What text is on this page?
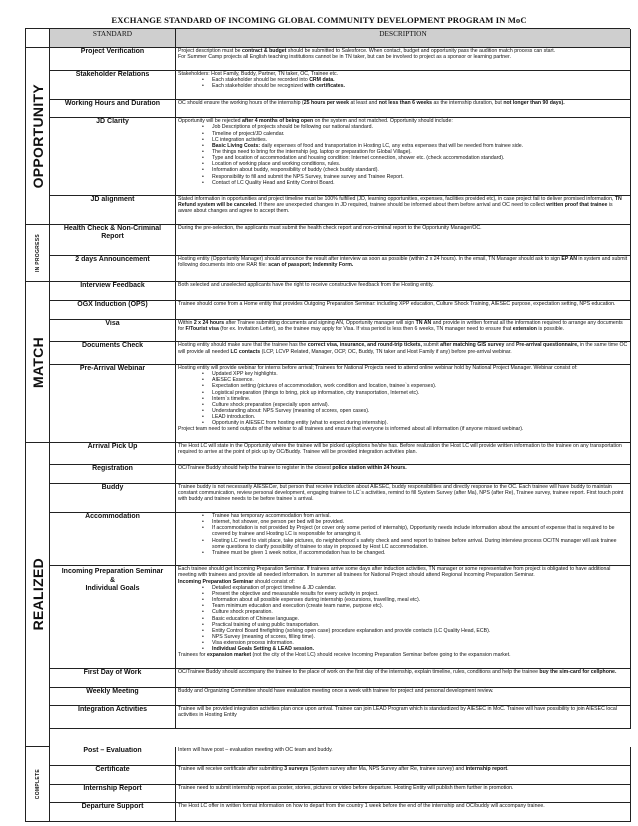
EXCHANGE STANDARD OF INCOMING GLOBAL COMMUNITY DEVELOPMENT PROGRAM IN MoC
STANDARD	DESCRIPTION
OPPORTUNITY
IN PROGRESS
MATCH
REALIZED
COMPLETE
Project Verification	Project description must be contract & budget should be submitted to Salesforce. When contact, budget and opportunity pass the audition match process can start.

For Summer Camp projects all English teaching institutions cannot be in TN taker, but can be involved to project as a sponsor or learning partner.

Stakeholder Relations	Stakeholders: Host Family, Buddy, Partner, TN taker, OC, Trainee etc.

• Each stakeholder should be recorded into CRM data.
• Each stakeholder should be recognized with certificates.
Working Hours and Duration	OC should ensure the working hours of the internship (25 hours per week at least and not less than 6 weeks as the internship duration, but not longer than 90 days).

JD Clarity	Opportunity will be rejected after 4 months of being open on the system and not matched. Opportunity should include:

• Job Descriptions of projects should be following our national standard.
• Timeline of project/JD calendar.
• LC integration activities.
• Basic Living Costs: daily expenses of food and transportation in Hosting LC, any extra expenses that will be needed from trainee side.
• The things need to bring for the internship (eg. laptop or preparation for Global Village).
• Type and location of accommodation and housing condition: Internet connection, shower etc. (check accommodation standard).
• Location of working place and working conditions, rules.
• Information about buddy, responsibility of buddy (check buddy standard).
• Responsibility to fill and submit the NPS Survey, trainee survey and Trainee Report.
• Contact of LC Quality Head and Entity Control Board.
JD alignment	Stated information in opportunities and project timeline must be 100% fulfilled (JD, learning opportunities, expenses, facilities provided etc), in case project fail to deliver promised information, TN Refund system will be canceled. If there are unexpected changes in JD required, trainee should be informed about them before arrival and OC need to collect written proof that trainee is aware about changes and agree to accept them.

Health Check & Non-Criminal Report

During the pre-selection, the applicants must submit the health check report and non-criminal report to the Opportunity Manager/OC.

2 days Announcement	Hosting entity (Opportunity Manager) should announce the result after interview as soon as possible (within 2 x 24 hours). In the email, TN Manager should ask to sign EP AN in system and submit following documents into one RAR file: scan of passport; Indemnity Form.

Interview Feedback	Both selected and unselected applicants have the right to receive constructive feedback from the Hosting entity.

OGX Induction (OPS)	Trainee should come from a Home entity that provides Outgoing Preparation Seminar: including XPP education, Culture Shock Training, AIESEC purpose, expectation setting, NPS education.

Visa	Within 2 x 24 hours after Trainee submitting documents and signing AN, Opportunity manager will sign TN AN and provide in written format all the information required to arrange any documents for F/Tourist visa (for ex. Invitation Letter), so the trainee may apply for Visa. If visa period is less then 6 weeks, TN manager need to ensure that extension is possible.

Documents Check	Hosting entity should make sure that the trainee has the correct visa, insurance, and round-trip tickets, submit after matching GIS survey and Pre-arrival questionnaire, in the same time OC will provide all needed LC contacts (LCP, LCVP Related, Manager, OCP, OC, Buddy, TN taker and Host Family if any) before pre-arrival webinar.

Pre-Arrival Webinar	Hosting entity will provide webinar for interns before arrival; Trainees for National Projects need to attend online webinar hold by National Project Manager. Webinar consist of:

• Updated XPP key highlights.
• AIESEC Essence.
• Expectation setting (pictures of accommodation, work condition and location, trainee`s expenses).
• Logistical preparation (things to bring, pick up information, city transportation, Internet etc).
• Intern`s timeline.
• Culture shock preparation (especially upon arrival).
• Understanding about: NPS Survey (meaning of scores, open cases).
• LEAD introduction.
• Opportunity in AIESEC from hosting entity (what to expect during internship).

Project team need to send outputs of the webinar to all trainees and ensure that everyone is informed about all information (if anyone missed webinar).

Arrival Pick Up	The Host LC will state in the Opportunity where the trainee will be picked up/options he/she has. Before realization the Host LC will provide written information to the trainee on any transportation required to arrive at the point of pick up by OC/Buddy. Trainee will be provided integration activities plan.

Registration	OC/Trainee Buddy should help the trainee to register in the closest police station within 24 hours.

Buddy	Trainee buddy is not necessarily AIESECer, but person that receive induction about AIESEC, buddy responsibilities and directly response to the OC. Each trainee will have buddy to maintain constant communication, review personal development, engaging trainee to LC`s activities, remind to fill System Survey (after Ma), NPS (after Re), Trainee survey, trainee report. First touch point with buddy and trainee needs to be before trainee`s arrival.

Accommodation
•	Trainee has temporary accommodation from arrival.
• Internet, hot shower, one person per bed will be provided.
• If accommodation is not provided by Project (or cover only some period of internship), Opportunity needs include information about the amount of expense that is required to be covered by trainee and Hosting LC is responsible for arranging it.
• Hosting LC need to visit place, take pictures, do neighborhood`s safety check and send report to trainee before arrival. During interview process OC/TN manager will ask trainee some questions to clarify possibility of trainee to stay in proposed by Host LC accommodation.
• Trainee must be given 1 week notice, if accommodation has to be changed.
Incoming Preparation Seminar
&
Individual Goals

Each trainee should get Incoming Preparation Seminar. If trainees arrive some days after induction activities, TN manager or some representative from project is obligated to have additional meeting with trainees and provide all needed information. In summer all trainees for National Project should attend Regional Incoming Preparation Seminar.

Incoming Preparation Seminar should consist of:

• Detailed explanation of project timeline & JD calendar.
• Present the objective and measurable results for every activity in project.
• Information about all possible expenses during internship (excursions, travelling, meal etc).
• Team minimum education and execution (create team name, purpose etc).
• Culture shock preparation.
• Basic education of Chinese language.
• Practical training of using public transportation.
• Entity Control Board firefighting (solving open case) procedure explanation and provide contacts (LC Quality Head, ECB).
• NPS Survey (meaning of scores, filling time).
• Visa extension process information.
• Individual Goals Setting & LEAD session.

Trainees for expansion market (not the city of the Host LC) should receive Incoming Preparation Seminar before going to the expansion market.

First Day of Work	OC/Trainee Buddy should accompany the trainee to the place of work on the first day of the internship, explain timeline, rules, conditions and help the trainee buy the sim-card for cellphone.

Weekly Meeting	Buddy and Organizing Committee should have evaluation meeting once a week with trainee for project and personal development review.

Integration Activities	Trainee will be provided integration activities plan once upon arrival. Trainee can join LEAD Program which is standardized by AIESEC in MoC. Trainee will have possibility to join AIESEC local activities in Hosting Entity

Post – Evaluation	Intern will have post – evaluation meeting with OC team and buddy.

Certificate	Trainee will receive certificate after submitting 3 surveys (System survey after Ma, NPS Survey after Re, trainee survey) and internship report.

Internship Report	Trainee need to submit internship report as poster, stories, pictures or video before departure. Hosting Entity will publish them further in promotion.

Departure Support	The Host LC offer in written format information on how to depart from the country 1 week before the end of the internship and OC/buddy will accompany trainee.
